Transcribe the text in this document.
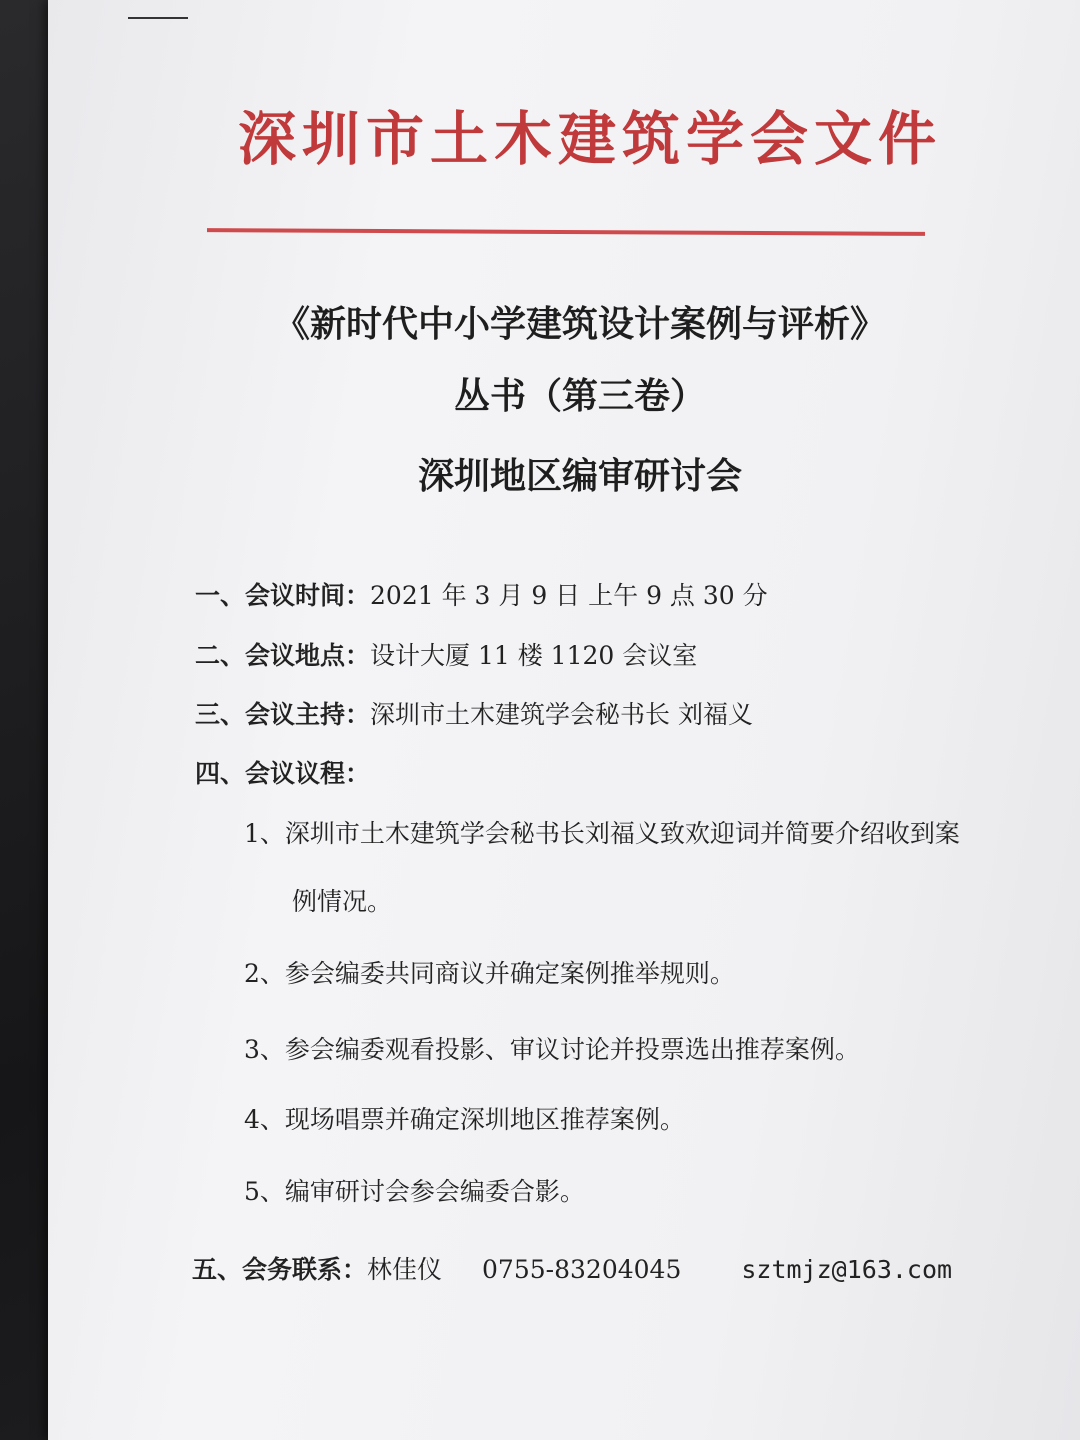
深圳市土木建筑学会文件
《新时代中小学建筑设计案例与评析》
丛书（第三卷）
深圳地区编审研讨会
一、会议时间：2021 年 3 月 9 日 上午 9 点 30 分
二、会议地点：设计大厦 11 楼 1120 会议室
三、会议主持：深圳市土木建筑学会秘书长 刘福义
四、会议议程：
1、深圳市土木建筑学会秘书长刘福义致欢迎词并简要介绍收到案
例情况。
2、参会编委共同商议并确定案例推举规则。
3、参会编委观看投影、审议讨论并投票选出推荐案例。
4、现场唱票并确定深圳地区推荐案例。
5、编审研讨会参会编委合影。
五、会务联系：林佳仪 0755-83204045 sztmjz@163.com
